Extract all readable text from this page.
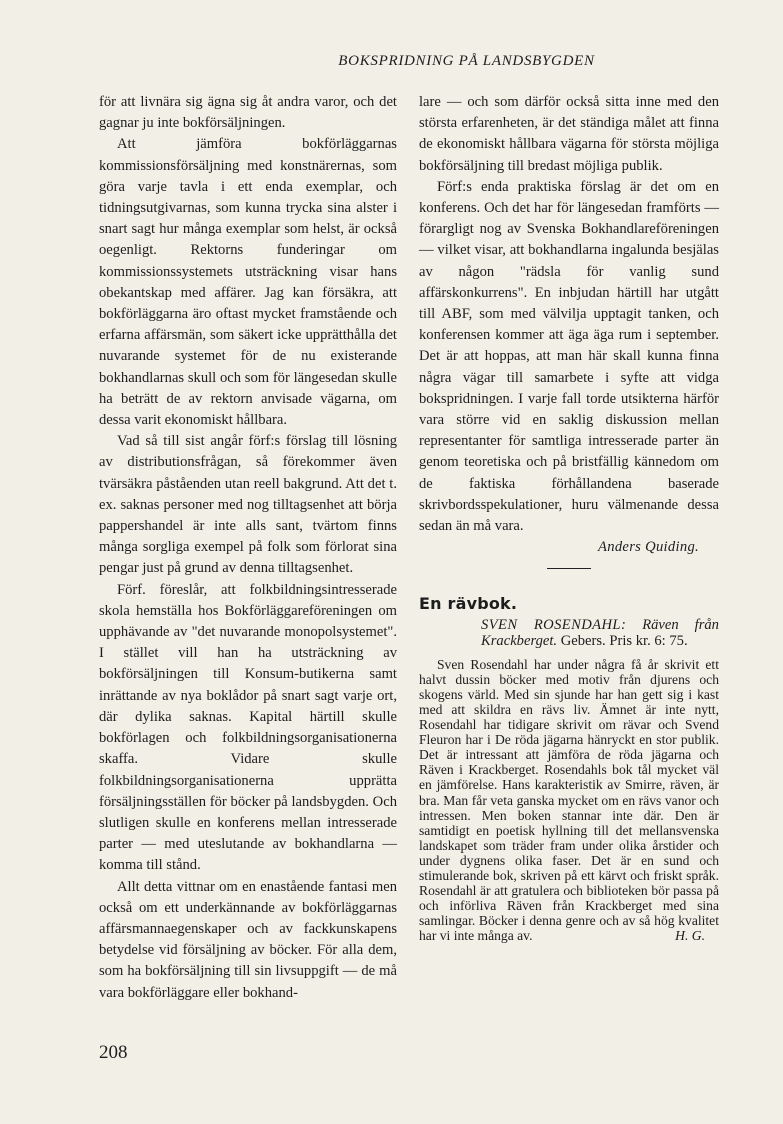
BOKSPRIDNING PÅ LANDSBYGDEN

för att livnära sig ägna sig åt andra varor, och det gagnar ju inte bokförsäljningen.

Att jämföra bokförläggarnas kommissionsförsäljning med konstnärernas, som göra varje tavla i ett enda exemplar, och tidningsutgivarnas, som kunna trycka sina alster i snart sagt hur många exemplar som helst, är också oegenligt. Rektorns funderingar om kommissionssystemets utsträckning visar hans obekantskap med affärer. Jag kan försäkra, att bokförläggarna äro oftast mycket framstående och erfarna affärsmän, som säkert icke upprätthålla det nuvarande systemet för de nu existerande bokhandlarnas skull och som för längesedan skulle ha beträtt de av rektorn anvisade vägarna, om dessa varit ekonomiskt hållbara.

Vad så till sist angår förf:s förslag till lösning av distributionsfrågan, så förekommer även tvärsäkra påståenden utan reell bakgrund. Att det t. ex. saknas personer med nog tilltagsenhet att börja pappershandel är inte alls sant, tvärtom finns många sorgliga exempel på folk som förlorat sina pengar just på grund av denna tilltagsenhet.

Förf. föreslår, att folkbildningsintresserade skola hemställa hos Bokförläggareföreningen om upphävande av "det nuvarande monopolsystemet". I stället vill han ha utsträckning av bokförsäljningen till Konsum-butikerna samt inrättande av nya boklådor på snart sagt varje ort, där dylika saknas. Kapital härtill skulle bokförlagen och folkbildningsorganisationerna skaffa. Vidare skulle folkbildningsorganisationerna upprätta försäljningsställen för böcker på landsbygden. Och slutligen skulle en konferens mellan intresserade parter — med uteslutande av bokhandlarna — komma till stånd.

Allt detta vittnar om en enastående fantasi men också om ett underkännande av bokförläggarnas affärsmannaegenskaper och av fackkunskapens betydelse vid försäljning av böcker. För alla dem, som ha bokförsäljning till sin livsuppgift — de må vara bokförläggare eller bokhand-

lare — och som därför också sitta inne med den största erfarenheten, är det ständiga målet att finna de ekonomiskt hållbara vägarna för största möjliga bokförsäljning till bredast möjliga publik.

Förf:s enda praktiska förslag är det om en konferens. Och det har för längesedan framförts — förargligt nog av Svenska Bokhandlareföreningen — vilket visar, att bokhandlarna ingalunda besjälas av någon "rädsla för vanlig sund affärskonkurrens". En inbjudan härtill har utgått till ABF, som med välvilja upptagit tanken, och konferensen kommer att äga äga rum i september. Det är att hoppas, att man här skall kunna finna några vägar till samarbete i syfte att vidga bokspridningen. I varje fall torde utsikterna härför vara större vid en saklig diskussion mellan representanter för samtliga intresserade parter än genom teoretiska och på bristfällig kännedom om de faktiska förhållandena baserade skrivbordsspekulationer, huru välmenande dessa sedan än må vara.

Anders Quiding.

En rävbok.
SVEN ROSENDAHL: Räven från Krackberget. Gebers. Pris kr. 6: 75.

Sven Rosendahl har under några få år skrivit ett halvt dussin böcker med motiv från djurens och skogens värld. Med sin sjunde har han gett sig i kast med att skildra en rävs liv. Ämnet är inte nytt, Rosendahl har tidigare skrivit om rävar och Svend Fleuron har i De röda jägarna hänryckt en stor publik. Det är intressant att jämföra de röda jägarna och Räven i Krackberget. Rosendahls bok tål mycket väl en jämförelse. Hans karakteristik av Smirre, räven, är bra. Man får veta ganska mycket om en rävs vanor och intressen. Men boken stannar inte där. Den är samtidigt en poetisk hyllning till det mellansvenska landskapet som träder fram under olika årstider och under dygnens olika faser. Det är en sund och stimulerande bok, skriven på ett kärvt och friskt språk. Rosendahl är att gratulera och biblioteken bör passa på och införliva Räven från Krackberget med sina samlingar. Böcker i denna genre och av så hög kvalitet har vi inte många av.	H. G.

208
